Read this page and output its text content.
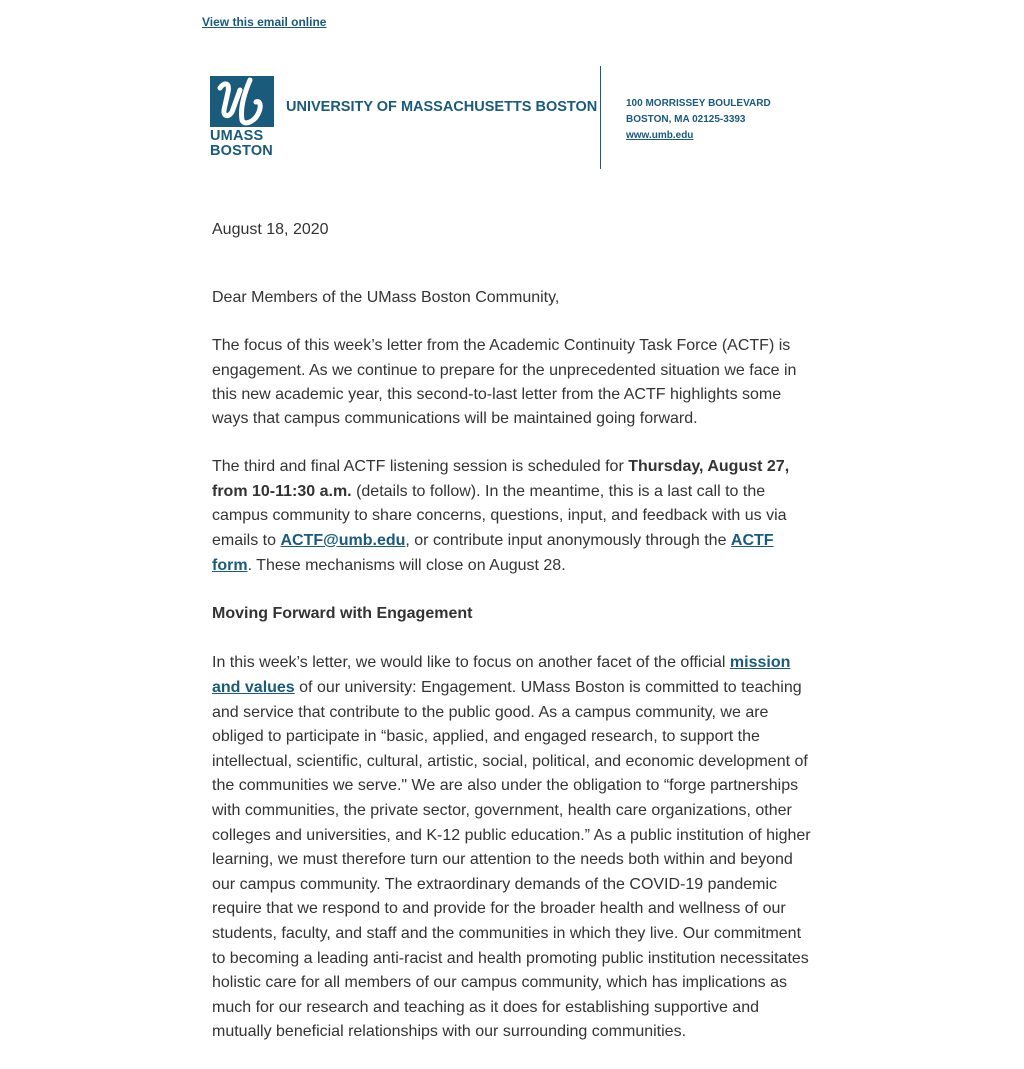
View this email online
UMASS
BOSTON
UNIVERSITY OF MASSACHUSETTS BOSTON	100 MORRISSEY BOULEVARD
BOSTON, MA 02125-3393
www.umb.edu

August 18, 2020

Dear Members of the UMass Boston Community,

The focus of this week’s letter from the Academic Continuity Task Force (ACTF) is engagement. As we continue to prepare for the unprecedented situation we face in this new academic year, this second-to-last letter from the ACTF highlights some ways that campus communications will be maintained going forward.

The third and final ACTF listening session is scheduled for Thursday, August 27, from 10-11:30 a.m. (details to follow). In the meantime, this is a last call to the campus community to share concerns, questions, input, and feedback with us via emails to ACTF@umb.edu, or contribute input anonymously through the ACTF form. These mechanisms will close on August 28.

Moving Forward with Engagement

In this week’s letter, we would like to focus on another facet of the official mission and values of our university: Engagement. UMass Boston is committed to teaching and service that contribute to the public good. As a campus community, we are obliged to participate in “basic, applied, and engaged research, to support the intellectual, scientific, cultural, artistic, social, political, and economic development of the communities we serve." We are also under the obligation to “forge partnerships with communities, the private sector, government, health care organizations, other colleges and universities, and K-12 public education.” As a public institution of higher learning, we must therefore turn our attention to the needs both within and beyond our campus community. The extraordinary demands of the COVID-19 pandemic require that we respond to and provide for the broader health and wellness of our students, faculty, and staff and the communities in which they live. Our commitment to becoming a leading anti-racist and health promoting public institution necessitates holistic care for all members of our campus community, which has implications as much for our research and teaching as it does for establishing supportive and mutually beneficial relationships with our surrounding communities.
